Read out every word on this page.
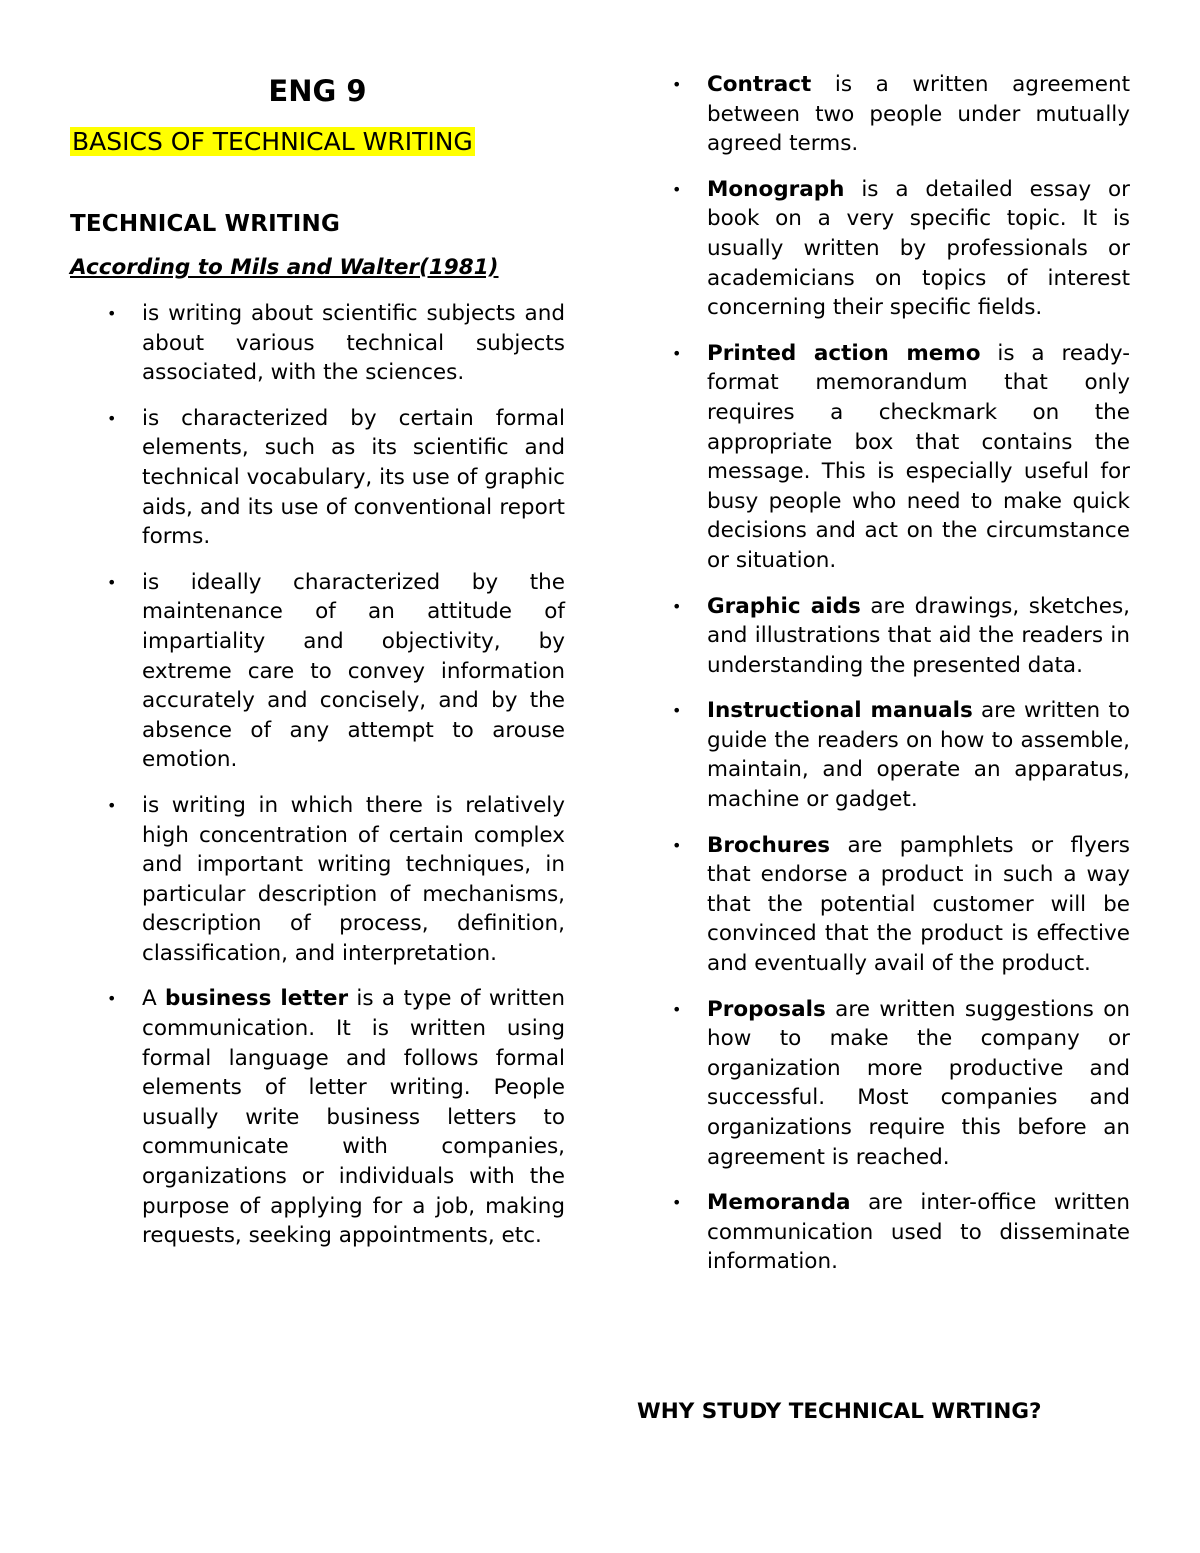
ENG 9
BASICS OF TECHNICAL WRITING
TECHNICAL WRITING
According to Mils and Walter(1981)
• is writing about scientific subjects and about various technical subjects associated, with the sciences.
• is characterized by certain formal elements, such as its scientific and technical vocabulary, its use of graphic aids, and its use of conventional report forms.
• is ideally characterized by the maintenance of an attitude of impartiality and objectivity, by extreme care to convey information accurately and concisely, and by the absence of any attempt to arouse emotion.
• is writing in which there is relatively high concentration of certain complex and important writing techniques, in particular description of mechanisms, description of process, definition, classification, and interpretation.
• A business letter is a type of written communication. It is written using formal language and follows formal elements of letter writing. People usually write business letters to communicate with companies, organizations or individuals with the purpose of applying for a job, making requests, seeking appointments, etc.
• Contract is a written agreement between two people under mutually agreed terms.
• Monograph is a detailed essay or book on a very specific topic. It is usually written by professionals or academicians on topics of interest concerning their specific fields.
• Printed action memo is a ready-format memorandum that only requires a checkmark on the appropriate box that contains the message. This is especially useful for busy people who need to make quick decisions and act on the circumstance or situation.
• Graphic aids are drawings, sketches, and illustrations that aid the readers in understanding the presented data.
• Instructional manuals are written to guide the readers on how to assemble, maintain, and operate an apparatus, machine or gadget.
• Brochures are pamphlets or flyers that endorse a product in such a way that the potential customer will be convinced that the product is effective and eventually avail of the product.
• Proposals are written suggestions on how to make the company or organization more productive and successful. Most companies and organizations require this before an agreement is reached.
• Memoranda are inter-office written communication used to disseminate information.
WHY STUDY TECHNICAL WRTING?
